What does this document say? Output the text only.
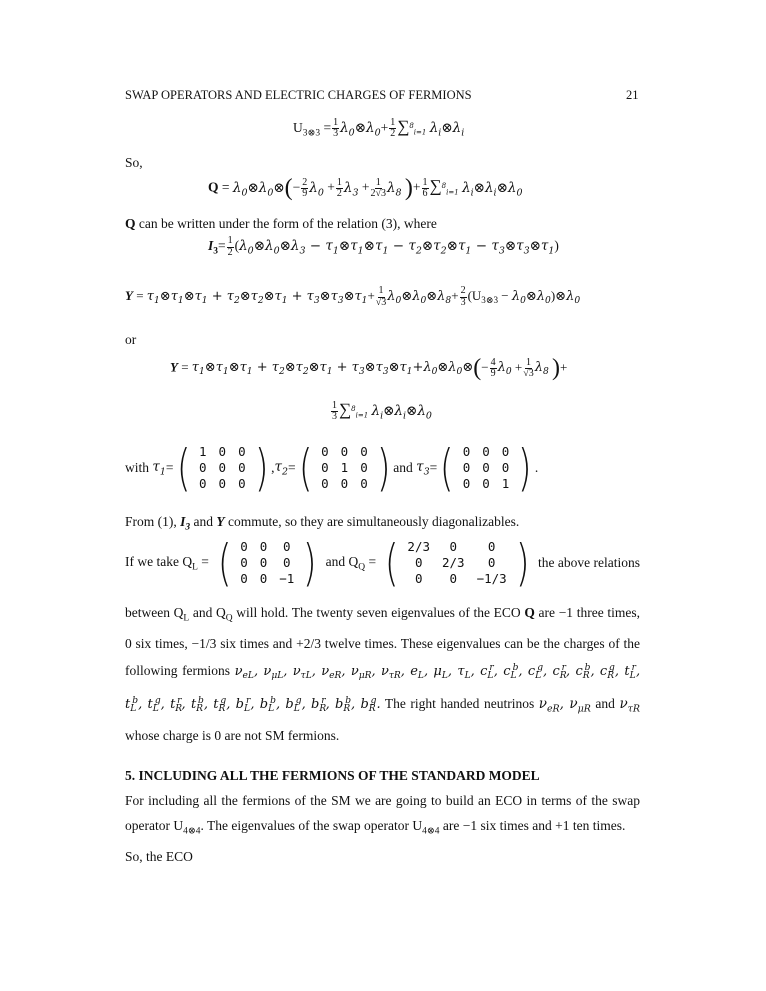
SWAP OPERATORS AND ELECTRIC CHARGES OF FERMIONS	21
$U_{3\otimes 3} = \frac{1}{3}$ $\lambda_0\otimes\lambda_0+ \frac{1}{2} \sum^8_{i=1}$ $\lambda_i\otimes\lambda_i$
So,
$Q = \lambda_0\otimes\lambda_0\otimes(- \frac{2}{9} \lambda_0 + \frac{1}{2} \lambda_3 + \frac{1}{2√3} \lambda_8$ )+ $\frac{1}{6} \sum^8_{i=1}$ $\lambda_i\otimes\lambda_i\otimes\lambda_0$
Q can be written under the form of the relation (3), where
$I_3= \frac{1}{2}$ ($\lambda_0\otimes\lambda_0\otimes\lambda_3$ − $\tau_1\otimes\tau_1\otimes\tau_1$ − $\tau_2\otimes\tau_2\otimes\tau_1$ − $\tau_3\otimes\tau_3\otimes\tau_1$)
$Y = \tau_1\otimes\tau_1\otimes\tau_1$ + $\tau_2\otimes\tau_2\otimes\tau_1$ + $\tau_3\otimes\tau_3\otimes\tau_1+ \frac{1}{√3}$ $\lambda_0\otimes\lambda_0\otimes\lambda_8+ \frac{2}{3} (U_{3\otimes 3}$ − $\lambda_0\otimes\lambda_0)\otimes\lambda_0$
or
$Y = \tau_1\otimes\tau_1\otimes\tau_1$ + $\tau_2\otimes\tau_2\otimes\tau_1$ + $\tau_3\otimes\tau_3\otimes\tau_1+\lambda_0\otimes\lambda_0\otimes(- \frac{4}{9} \lambda_0 + \frac{1}{√3} \lambda_8$ )+
$\frac{1}{3} \sum^8_{i=1}$ $\lambda_i\otimes\lambda_i\otimes\lambda_0$
with
$\tau_1$ = ( 1	0	0
0	0	0
0	0	0 ) , $\tau_2$ = ( 0	0	0
0	1	0
0	0	0 ) and
$\tau_3$ = ( 0	0	0
0	0	0
0	0	1 ) .
From (1), $I_3$ and Y commute, so they are simultaneously diagonalizables.
If we take $Q_L$ = ( 0	0	0
0	0	0
0	0	−1 ) and $Q_Q$ = ( 2/3	0	0
0	2/3	0
0	0	−1/3 ) the above relations
between $Q_L$ and $Q_Q$ will hold. The twenty seven eigenvalues of the ECO Q are −1 three times, 0 six times, −1/3 six times and +2/3 twelve times. These eigenvalues can be the charges of the following fermions $\nu_{eL}$, $\nu_{\mu L}$, $\nu_{\tau L}$, $\nu_{eR}$, $\nu_{\mu R}$, $\nu_{\tau R}$, $e_L$, $\mu_L$, $\tau_L$, $c_L^r$, $c_L^b$, $c_L^g$, $c_R^r$, $c_R^b$, $c_R^g$, $t_L^r$, $t_L^b$, $t_L^g$, $t_R^r$, $t_R^b$, $t_R^g$, $b_L^r$, $b_L^b$, $b_L^g$, $b_R^r$, $b_R^b$, $b_R^g$. The right handed neutrinos $\nu_{eR}$, $\nu_{\mu R}$ and $\nu_{\tau R}$ whose charge is 0 are not SM fermions.
5. INCLUDING ALL THE FERMIONS OF THE STANDARD MODEL
For including all the fermions of the SM we are going to build an ECO in terms of the swap operator $U_{4\otimes 4}$. The eigenvalues of the swap operator $U_{4\otimes 4}$ are −1 six times and +1 ten times.
So, the ECO
